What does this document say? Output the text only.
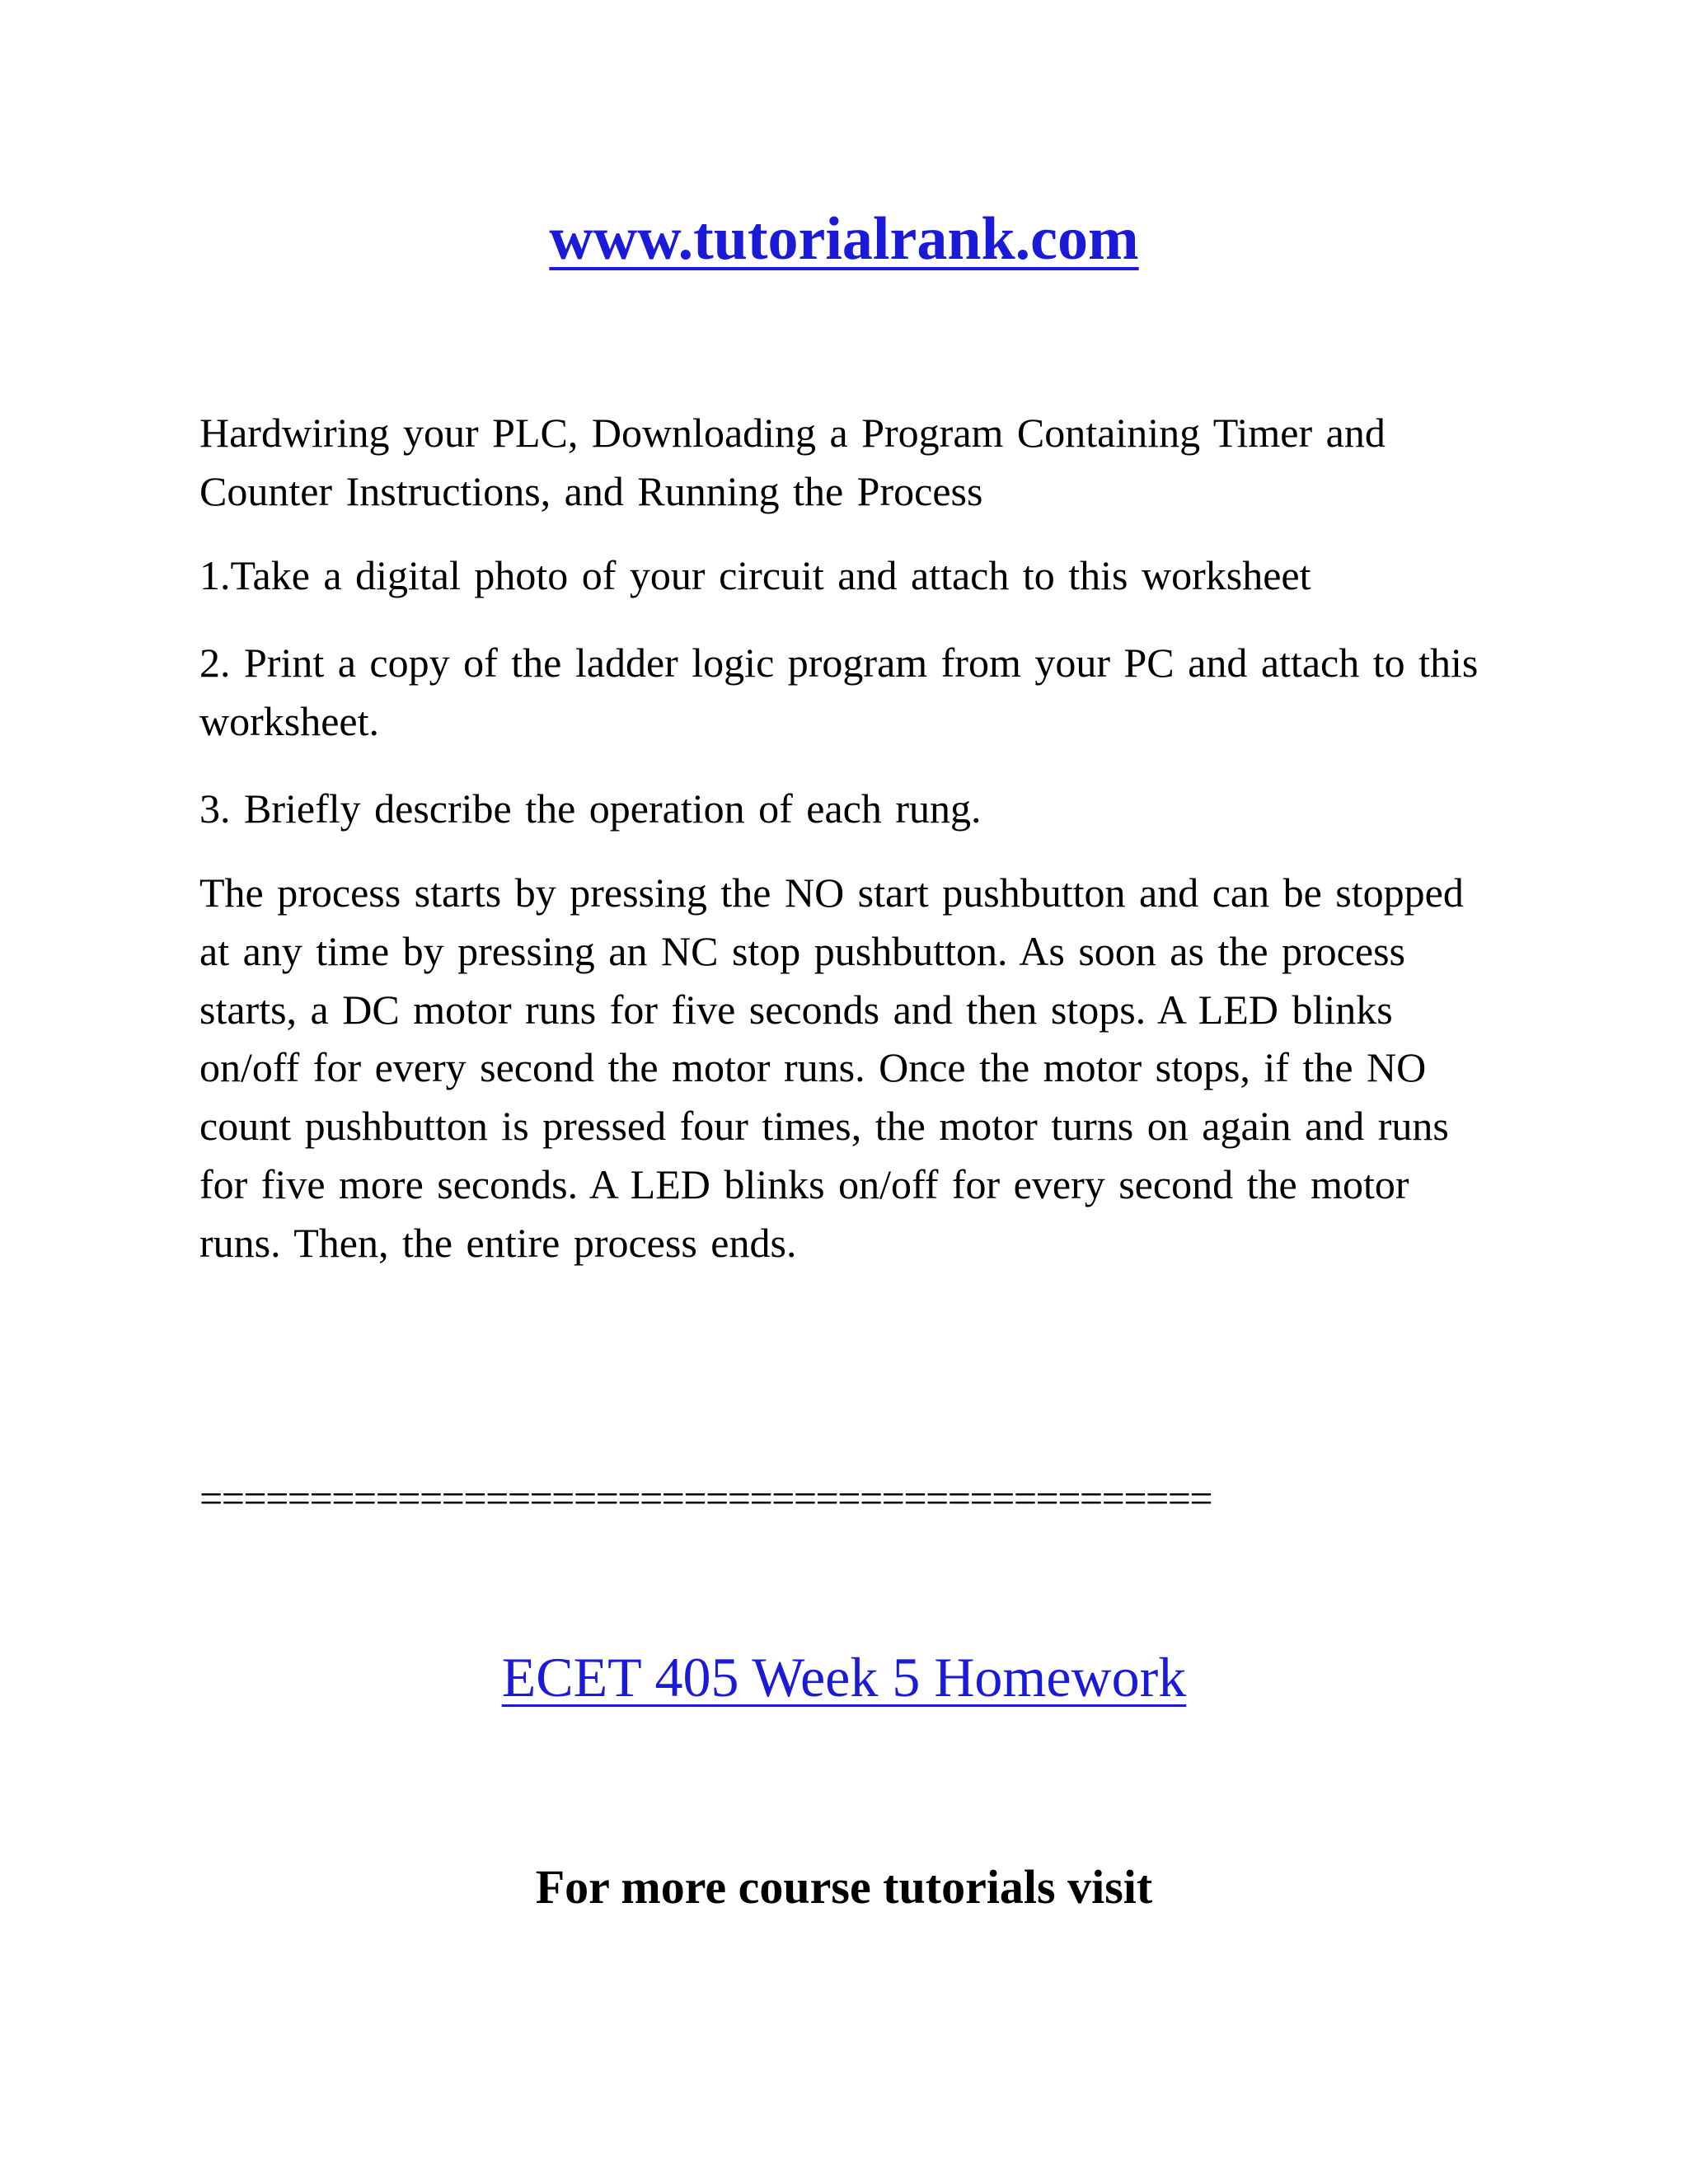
www.tutorialrank.com
Hardwiring your PLC, Downloading a Program Containing Timer and Counter Instructions, and Running the Process
1.Take a digital photo of your circuit and attach to this worksheet
2. Print a copy of the ladder logic program from your PC and attach to this worksheet.
3. Briefly describe the operation of each rung.
The process starts by pressing the NO start pushbutton and can be stopped at any time by pressing an NC stop pushbutton. As soon as the process starts, a DC motor runs for five seconds and then stops. A LED blinks on/off for every second the motor runs. Once the motor stops, if the NO count pushbutton is pressed four times, the motor turns on again and runs for five more seconds. A LED blinks on/off for every second the motor runs. Then, the entire process ends.
==============================================
ECET 405 Week 5 Homework
For more course tutorials visit
